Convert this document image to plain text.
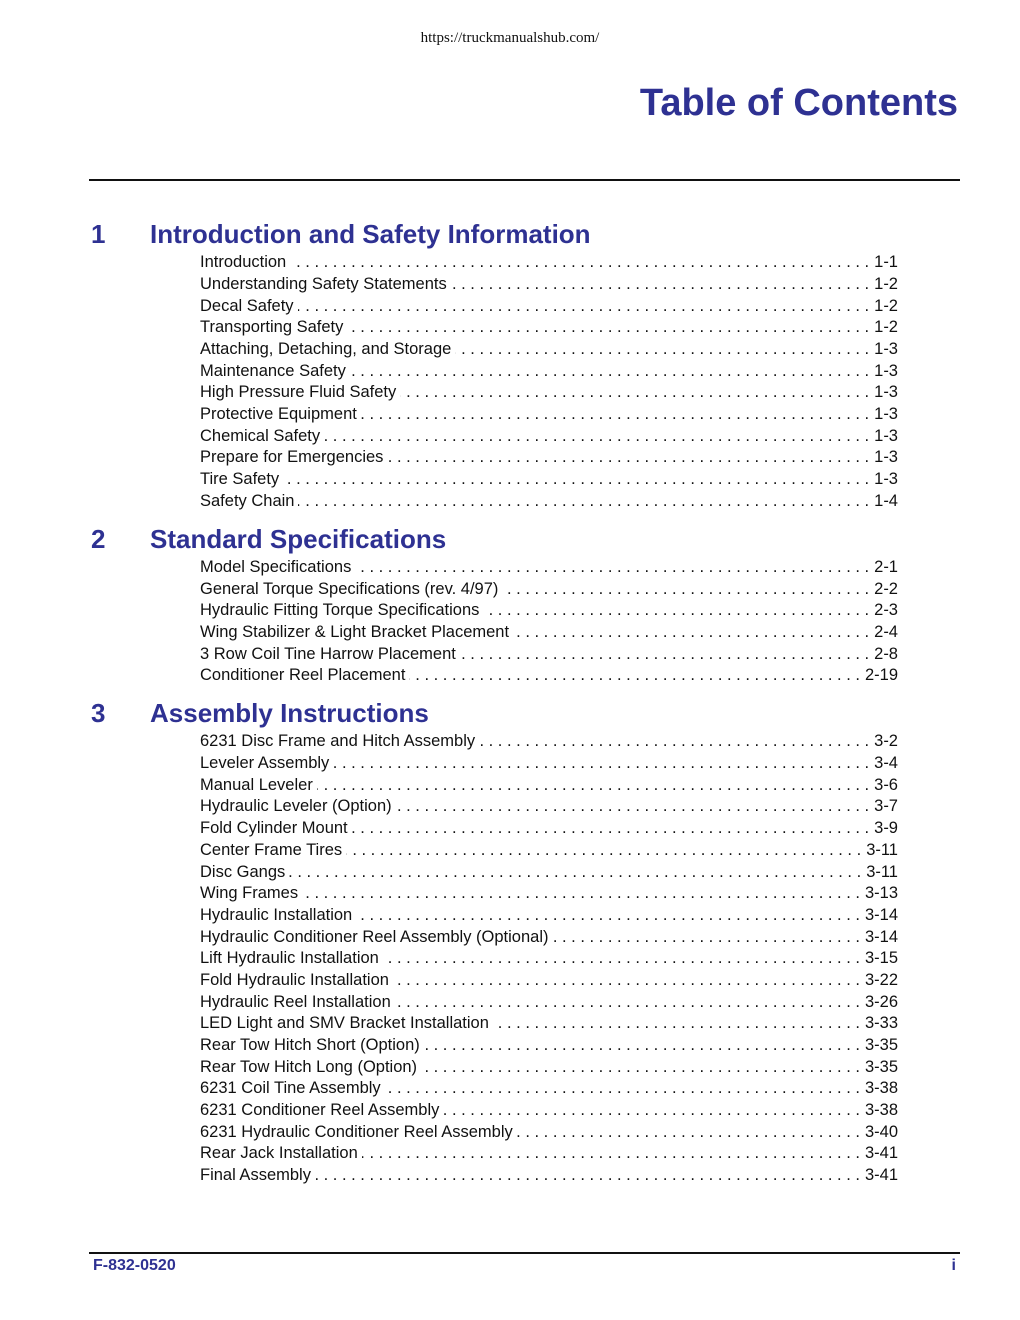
https://truckmanualshub.com/
Table of Contents
1	Introduction and Safety Information
Introduction . . .	1-1
Understanding Safety Statements . . .	1-2
Decal Safety . . .	1-2
Transporting Safety . . .	1-2
Attaching, Detaching, and Storage . . .	1-3
Maintenance Safety . . .	1-3
High Pressure Fluid Safety . . .	1-3
Protective Equipment . . .	1-3
Chemical Safety . . .	1-3
Prepare for Emergencies . . .	1-3
Tire Safety . . .	1-3
Safety Chain . . .	1-4
2	Standard Specifications
Model Specifications . . .	2-1
General Torque Specifications (rev. 4/97) . . .	2-2
Hydraulic Fitting Torque Specifications . . .	2-3
Wing Stabilizer & Light Bracket Placement . . .	2-4
3 Row Coil Tine Harrow Placement . . .	2-8
Conditioner Reel Placement . . .	2-19
3	Assembly Instructions
6231 Disc Frame and Hitch Assembly . . .	3-2
Leveler Assembly . . .	3-4
Manual Leveler . . .	3-6
Hydraulic Leveler (Option) . . .	3-7
Fold Cylinder Mount . . .	3-9
Center Frame Tires . . .	3-11
Disc Gangs . . .	3-11
Wing Frames . . .	3-13
Hydraulic Installation . . .	3-14
Hydraulic Conditioner Reel Assembly (Optional) . . .	3-14
Lift Hydraulic Installation . . .	3-15
Fold Hydraulic Installation . . .	3-22
Hydraulic Reel Installation . . .	3-26
LED Light and SMV Bracket Installation . . .	3-33
Rear Tow Hitch Short (Option) . . .	3-35
Rear Tow Hitch Long (Option) . . .	3-35
6231 Coil Tine Assembly . . .	3-38
6231 Conditioner Reel Assembly . . .	3-38
6231 Hydraulic Conditioner Reel Assembly . . .	3-40
Rear Jack Installation . . .	3-41
Final Assembly . . .	3-41
F-832-0520	i
